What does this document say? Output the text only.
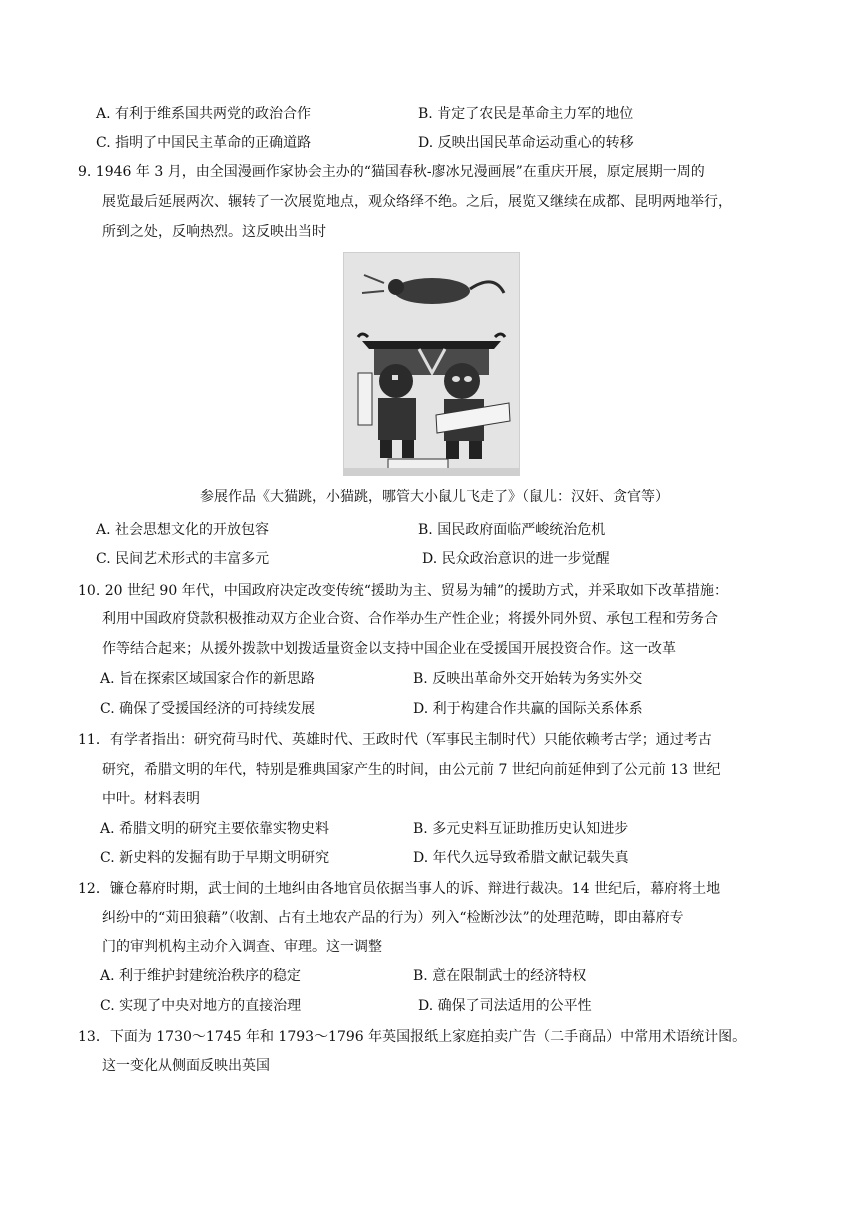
A. 有利于维系国共两党的政治合作	B. 肯定了农民是革命主力军的地位
C. 指明了中国民主革命的正确道路	D. 反映出国民革命运动重心的转移
9. 1946 年 3 月，由全国漫画作家协会主办的“猫国春秋-廖冰兄漫画展”在重庆开展，原定展期一周的
展览最后延展两次、辗转了一次展览地点，观众络绎不绝。之后，展览又继续在成都、昆明两地举行，
所到之处，反响热烈。这反映出当时
参展作品《大猫跳，小猫跳，哪管大小鼠儿飞走了》（鼠儿：汉奸、贪官等）
A. 社会思想文化的开放包容	B. 国民政府面临严峻统治危机
C. 民间艺术形式的丰富多元	D. 民众政治意识的进一步觉醒
10. 20 世纪 90 年代，中国政府决定改变传统“援助为主、贸易为辅”的援助方式，并采取如下改革措施：
利用中国政府贷款积极推动双方企业合资、合作举办生产性企业；将援外同外贸、承包工程和劳务合
作等结合起来；从援外拨款中划拨适量资金以支持中国企业在受援国开展投资合作。这一改革
A. 旨在探索区域国家合作的新思路	B. 反映出革命外交开始转为务实外交
C. 确保了受援国经济的可持续发展	D. 利于构建合作共赢的国际关系体系
11．有学者指出：研究荷马时代、英雄时代、王政时代（军事民主制时代）只能依赖考古学；通过考古
研究，希腊文明的年代，特别是雅典国家产生的时间，由公元前 7 世纪向前延伸到了公元前 13 世纪
中叶。材料表明
A. 希腊文明的研究主要依靠实物史料	B. 多元史料互证助推历史认知进步
C. 新史料的发掘有助于早期文明研究	D. 年代久远导致希腊文献记载失真
12．镰仓幕府时期，武士间的土地纠由各地官员依据当事人的诉、辩进行裁决。14 世纪后，幕府将土地
纠纷中的“苅田狼藉”（收割、占有土地农产品的行为）列入“检断沙汰”的处理范畴，即由幕府专
门的审判机构主动介入调查、审理。这一调整
A. 利于维护封建统治秩序的稳定	B. 意在限制武士的经济特权
C. 实现了中央对地方的直接治理	D. 确保了司法适用的公平性
13．下面为 1730～1745 年和 1793～1796 年英国报纸上家庭拍卖广告（二手商品）中常用术语统计图。
这一变化从侧面反映出英国
